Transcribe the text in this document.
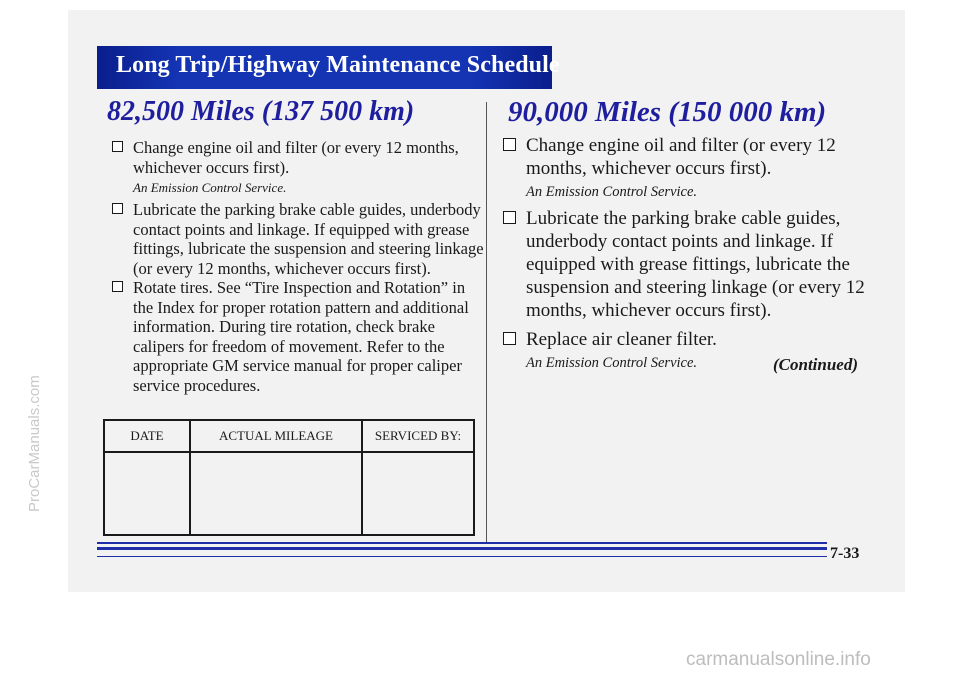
Long Trip/Highway Maintenance Schedule
82,500 Miles (137 500 km)	90,000 Miles (150 000 km)
Change engine oil and filter (or every 12 months, whichever occurs first).
An Emission Control Service.
Lubricate the parking brake cable guides, underbody contact points and linkage. If equipped with grease fittings, lubricate the suspension and steering linkage (or every 12 months, whichever occurs first).
Rotate tires. See “Tire Inspection and Rotation” in the Index for proper rotation pattern and additional information. During tire rotation, check brake calipers for freedom of movement. Refer to the appropriate GM service manual for proper caliper service procedures.
DATE	ACTUAL MILEAGE	SERVICED BY:

Change engine oil and filter (or every 12 months, whichever occurs first).
An Emission Control Service.
Lubricate the parking brake cable guides, underbody contact points and linkage. If equipped with grease fittings, lubricate the suspension and steering linkage (or every 12 months, whichever occurs first).
Replace air cleaner filter.
An Emission Control Service.	(Continued)
7-33
ProCarManuals.com
carmanualsonline.info
